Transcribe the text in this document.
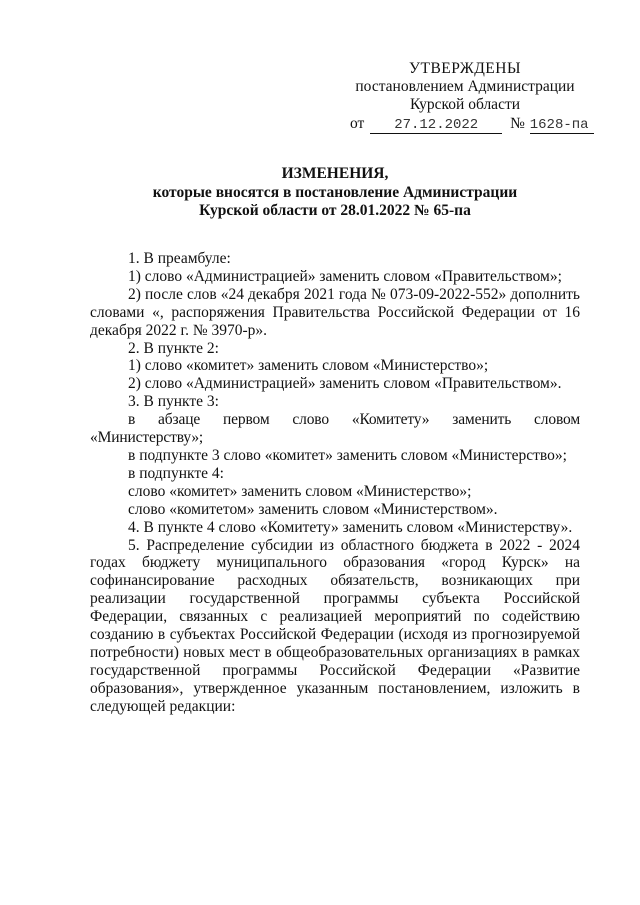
УТВЕРЖДЕНЫ
постановлением Администрации
Курской области
от 27.12.2022 № 1628-па
ИЗМЕНЕНИЯ,
которые вносятся в постановление Администрации
Курской области от 28.01.2022 № 65-па

1. В преамбуле:

1) слово «Администрацией» заменить словом «Правительством»;

2) после слов «24 декабря 2021 года № 073-09-2022-552» дополнить словами «, распоряжения Правительства Российской Федерации от 16 декабря 2022 г. № 3970-р».

2. В пункте 2:

1) слово «комитет» заменить словом «Министерство»;

2) слово «Администрацией» заменить словом «Правительством».

3. В пункте 3:

в абзаце первом слово «Комитету» заменить словом «Министерству»;

в подпункте 3 слово «комитет» заменить словом «Министерство»;

в подпункте 4:

слово «комитет» заменить словом «Министерство»;

слово «комитетом» заменить словом «Министерством».

4. В пункте 4 слово «Комитету» заменить словом «Министерству».

5. Распределение субсидии из областного бюджета в 2022 - 2024 годах бюджету муниципального образования «город Курск» на софинансирование расходных обязательств, возникающих при реализации государственной программы субъекта Российской Федерации, связанных с реализацией мероприятий по содействию созданию в субъектах Российской Федерации (исходя из прогнозируемой потребности) новых мест в общеобразовательных организациях в рамках государственной программы Российской Федерации «Развитие образования», утвержденное указанным постановлением, изложить в следующей редакции:
